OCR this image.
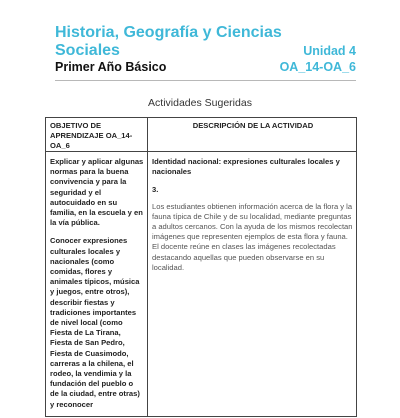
Historia, Geografía y Ciencias Sociales	Unidad 4
Primer Año Básico	OA_14-OA_6
Actividades Sugeridas
OBJETIVO DE APRENDIZAJE OA_14-OA_6
DESCRIPCIÓN DE LA ACTIVIDAD

Explicar y aplicar algunas normas para la buena convivencia y para la seguridad y el autocuidado en su familia, en la escuela y en la vía pública.

Conocer expresiones culturales locales y nacionales (como comidas, flores y animales típicos, música y juegos, entre otros), describir fiestas y tradiciones importantes de nivel local (como Fiesta de La Tirana, Fiesta de San Pedro, Fiesta de Cuasimodo, carreras a la chilena, el rodeo, la vendimia y la fundación del pueblo o de la ciudad, entre otras) y reconocer

Identidad nacional: expresiones culturales locales y nacionales

3.

Los estudiantes obtienen información acerca de la flora y la fauna típica de Chile y de su localidad, mediante preguntas a adultos cercanos. Con la ayuda de los mismos recolectan imágenes que representen ejemplos de esta flora y fauna. El docente reúne en clases las imágenes recolectadas destacando aquellas que pueden observarse en su localidad.
